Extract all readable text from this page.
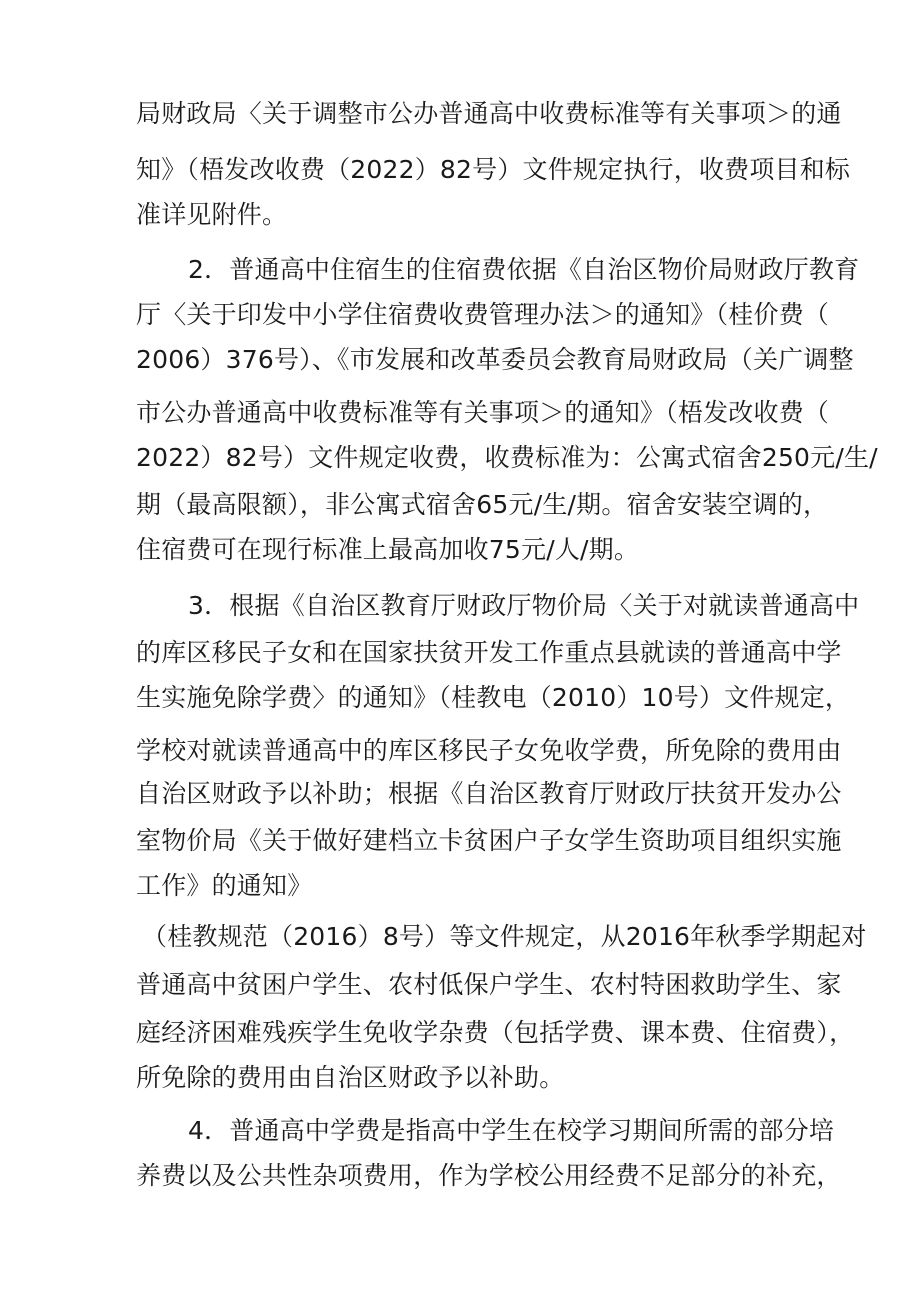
局财政局〈关于调整市公办普通高中收费标准等有关事项＞的通

知》（梧发改收费（2022）82号）文件规定执行，收费项目和标

准详见附件。

2．普通高中住宿生的住宿费依据《自治区物价局财政厅教育

厅〈关于印发中小学住宿费收费管理办法＞的通知》（桂价费（

2006）376号）、《市发展和改革委员会教育局财政局（关广调整

市公办普通高中收费标准等有关事项＞的通知》（梧发改收费（

2022）82号）文件规定收费，收费标准为：公寓式宿舍250元/生/

期（最高限额），非公寓式宿舍65元/生/期。宿舍安装空调的，

住宿费可在现行标准上最高加收75元/人/期。

3．根据《自治区教育厅财政厅物价局〈关于对就读普通高中

的库区移民子女和在国家扶贫开发工作重点县就读的普通高中学

生实施免除学费〉的通知》（桂教电（2010）10号）文件规定，

学校对就读普通高中的库区移民子女免收学费，所免除的费用由

自治区财政予以补助；根据《自治区教育厅财政厅扶贫开发办公

室物价局《关于做好建档立卡贫困户子女学生资助项目组织实施

工作》的通知》

（桂教规范（2016）8号）等文件规定，从2016年秋季学期起对

普通高中贫困户学生、农村低保户学生、农村特困救助学生、家

庭经济困难残疾学生免收学杂费（包括学费、课本费、住宿费），

所免除的费用由自治区财政予以补助。

4．普通高中学费是指高中学生在校学习期间所需的部分培

养费以及公共性杂项费用，作为学校公用经费不足部分的补充，
